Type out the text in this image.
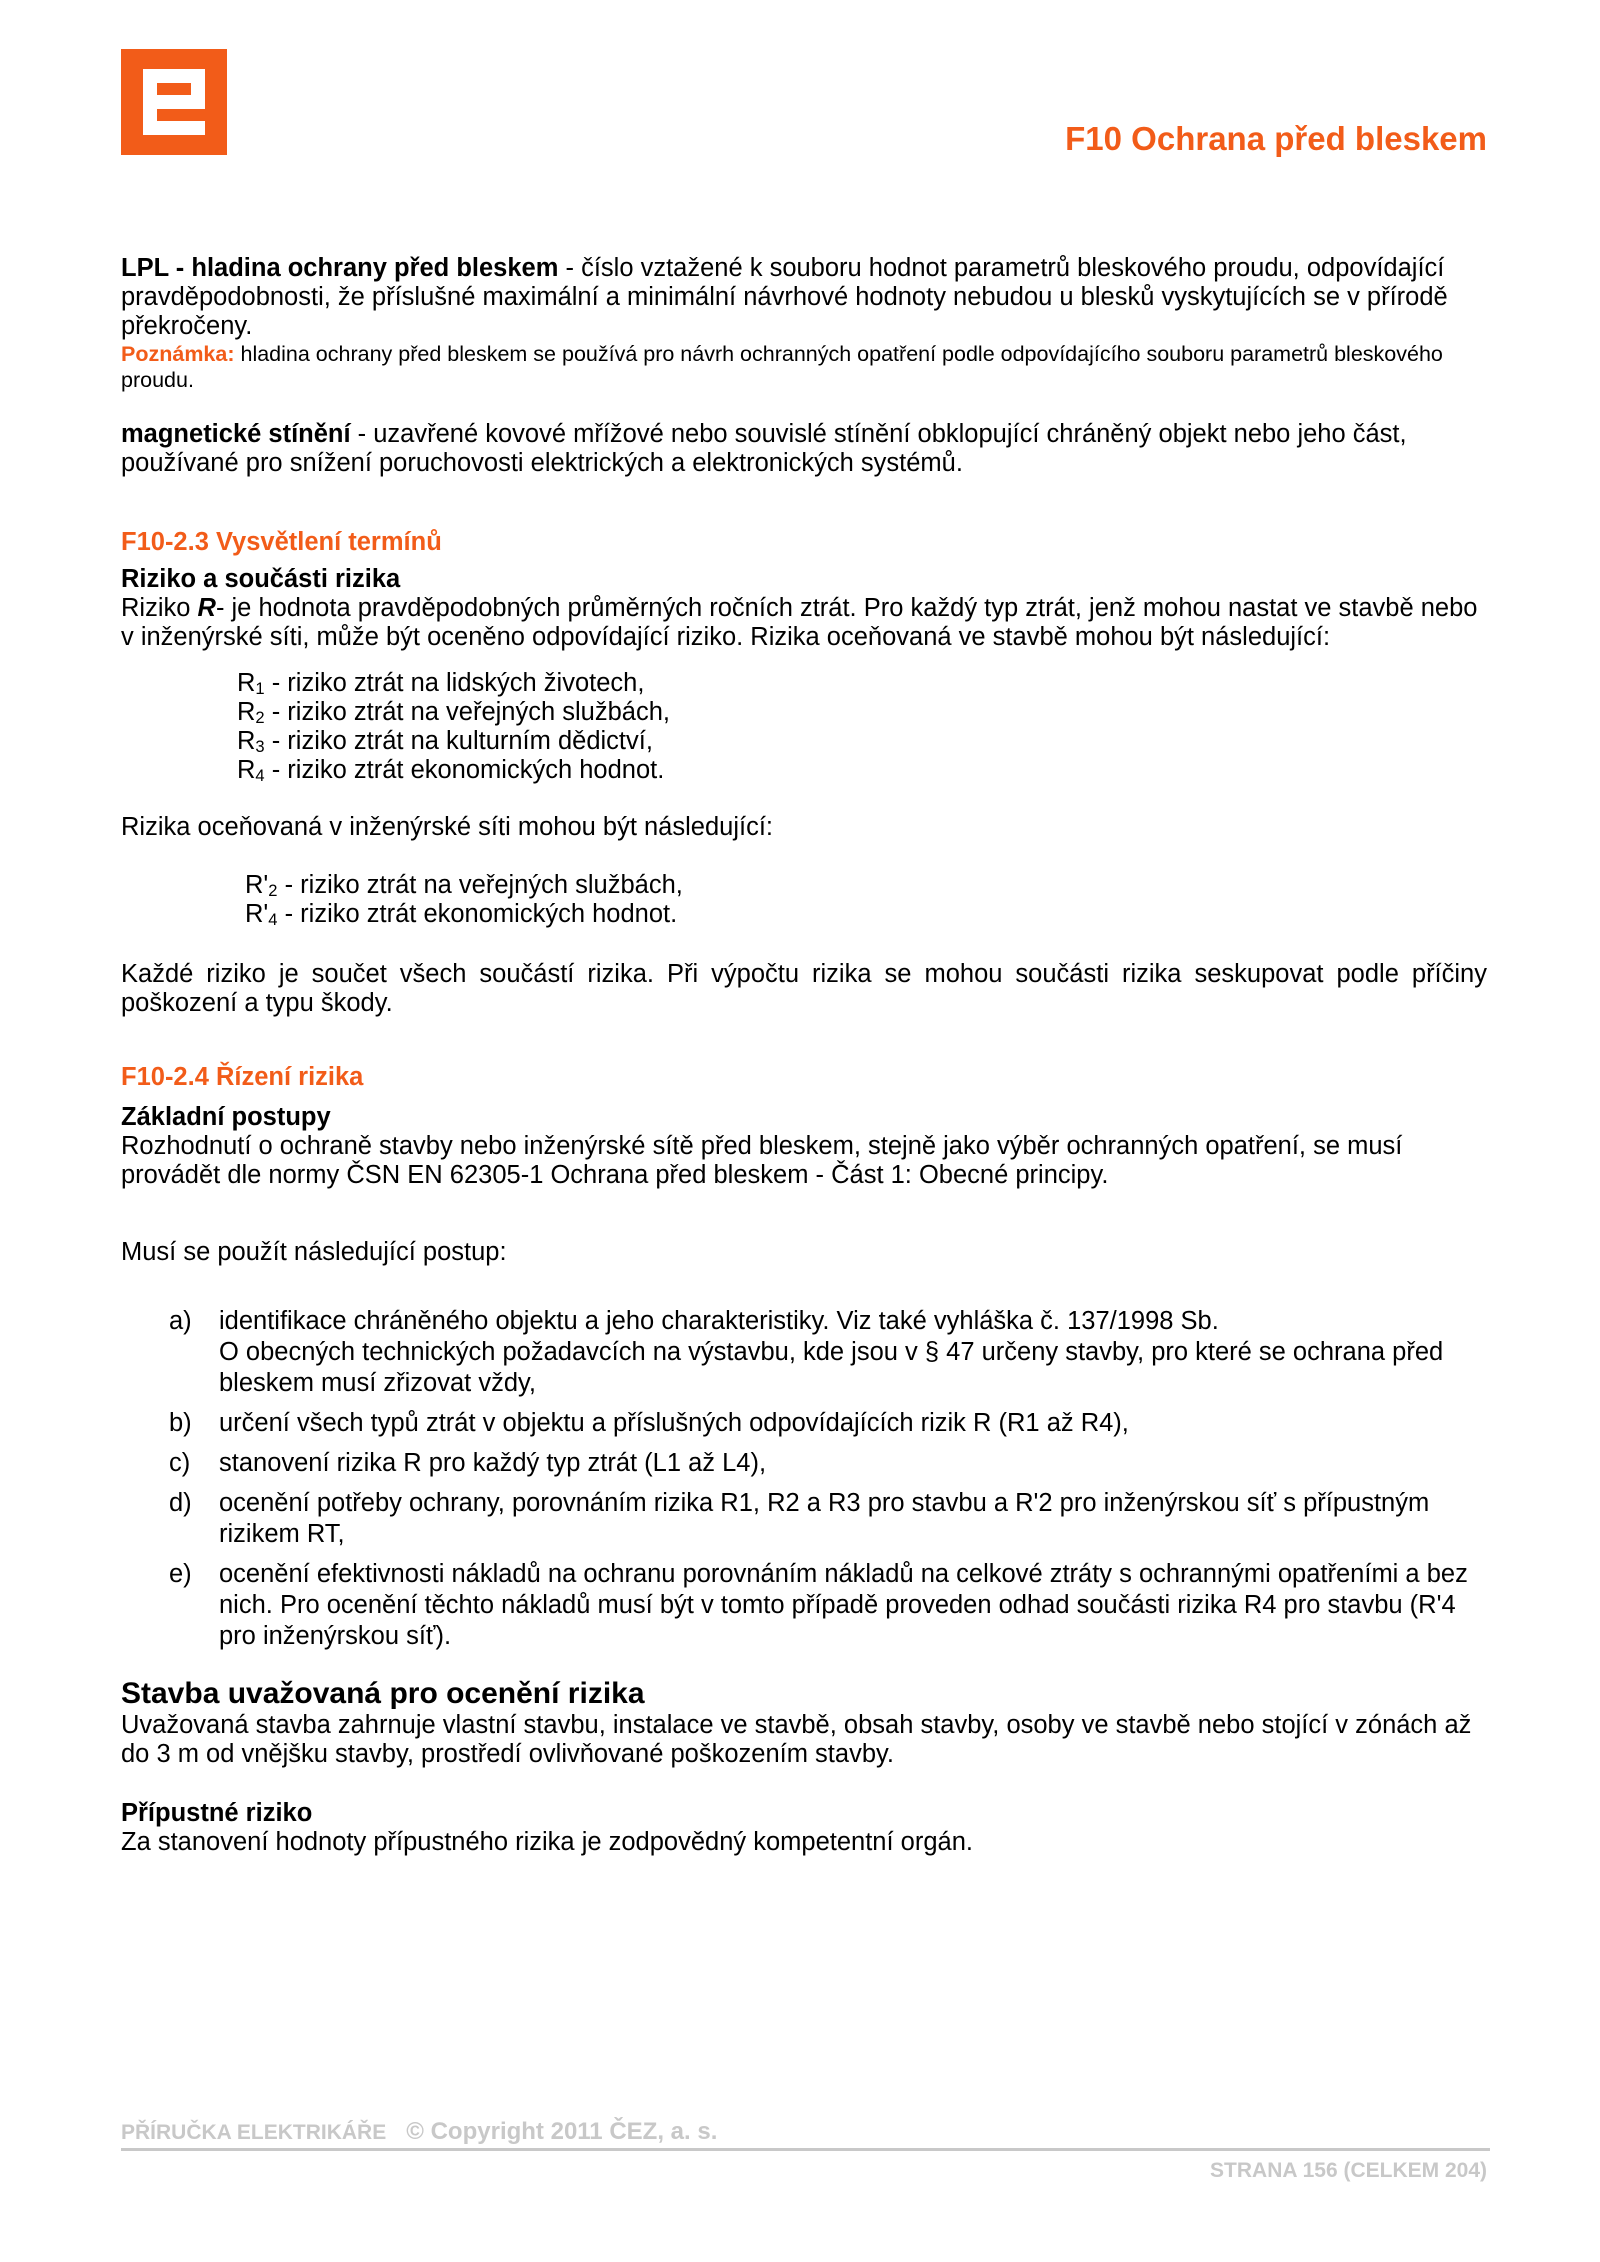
F10 Ochrana před bleskem

LPL - hladina ochrany před bleskem - číslo vztažené k souboru hodnot parametrů bleskového proudu, odpovídající pravděpodobnosti, že příslušné maximální a minimální návrhové hodnoty nebudou u blesků vyskytujících se v přírodě překročeny.

Poznámka: hladina ochrany před bleskem se používá pro návrh ochranných opatření podle odpovídajícího souboru parametrů bleskového proudu.

magnetické stínění - uzavřené kovové mřížové nebo souvislé stínění obklopující chráněný objekt nebo jeho část, používané pro snížení poruchovosti elektrických a elektronických systémů.

F10-2.3 Vysvětlení termínů

Riziko a součásti rizika

Riziko R- je hodnota pravděpodobných průměrných ročních ztrát. Pro každý typ ztrát, jenž mohou nastat ve stavbě nebo v inženýrské síti, může být oceněno odpovídající riziko. Rizika oceňovaná ve stavbě mohou být následující:

$R_1$ - riziko ztrát na lidských životech,
$R_2$ - riziko ztrát na veřejných službách,
$R_3$ - riziko ztrát na kulturním dědictví,
$R_4$ - riziko ztrát ekonomických hodnot.

Rizika oceňovaná v inženýrské síti mohou být následující:

$R'_2$ - riziko ztrát na veřejných službách,
$R'_4$ - riziko ztrát ekonomických hodnot.

Každé riziko je součet všech součástí rizika. Při výpočtu rizika se mohou součásti rizika seskupovat podle příčiny poškození a typu škody.

F10-2.4 Řízení rizika

Základní postupy

Rozhodnutí o ochraně stavby nebo inženýrské sítě před bleskem, stejně jako výběr ochranných opatření, se musí provádět dle normy ČSN EN 62305-1 Ochrana před bleskem - Část 1: Obecné principy.

Musí se použít následující postup:

a)	identifikace chráněného objektu a jeho charakteristiky. Viz také vyhláška č. 137/1998 Sb.
O obecných technických požadavcích na výstavbu, kde jsou v § 47 určeny stavby, pro které se ochrana před bleskem musí zřizovat vždy,
b)	určení všech typů ztrát v objektu a příslušných odpovídajících rizik R (R1 až R4),
c)	stanovení rizika R pro každý typ ztrát (L1 až L4),
d)	ocenění potřeby ochrany, porovnáním rizika R1, R2 a R3 pro stavbu a R'2 pro inženýrskou síť s přípustným rizikem RT,
e)	ocenění efektivnosti nákladů na ochranu porovnáním nákladů na celkové ztráty s ochrannými opatřeními a bez nich. Pro ocenění těchto nákladů musí být v tomto případě proveden odhad součásti rizika R4 pro stavbu (R'4 pro inženýrskou síť).
Stavba uvažovaná pro ocenění rizika

Uvažovaná stavba zahrnuje vlastní stavbu, instalace ve stavbě, obsah stavby, osoby ve stavbě nebo stojící v zónách až do 3 m od vnějšku stavby, prostředí ovlivňované poškozením stavby.

Přípustné riziko

Za stanovení hodnoty přípustného rizika je zodpovědný kompetentní orgán.

PŘÍRUČKA ELEKTRIKÁŘE © Copyright 2011 ČEZ, a. s.
STRANA 156 (CELKEM 204)
